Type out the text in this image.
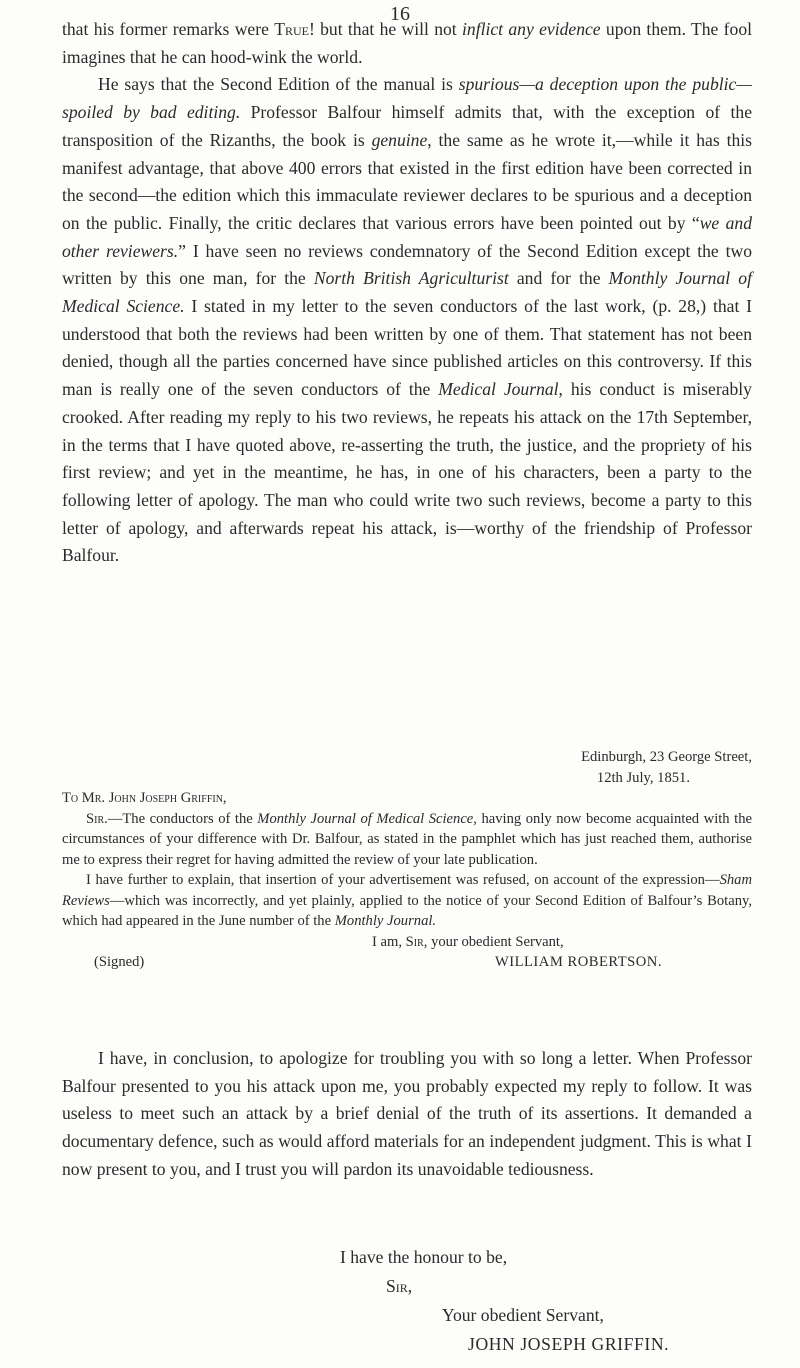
16

that his former remarks were True! but that he will not inflict any evidence upon them. The fool imagines that he can hood-wink the world.

He says that the Second Edition of the manual is spurious—a deception upon the public—spoiled by bad editing. Professor Balfour himself admits that, with the exception of the transposition of the Rizanths, the book is genuine, the same as he wrote it,—while it has this manifest advantage, that above 400 errors that existed in the first edition have been corrected in the second—the edition which this immaculate reviewer declares to be spurious and a deception on the public. Finally, the critic declares that various errors have been pointed out by “we and other reviewers.” I have seen no reviews condemnatory of the Second Edition except the two written by this one man, for the North British Agriculturist and for the Monthly Journal of Medical Science. I stated in my letter to the seven conductors of the last work, (p. 28,) that I understood that both the reviews had been written by one of them. That statement has not been denied, though all the parties concerned have since published articles on this controversy. If this man is really one of the seven conductors of the Medical Journal, his conduct is miserably crooked. After reading my reply to his two reviews, he repeats his attack on the 17th September, in the terms that I have quoted above, re-asserting the truth, the justice, and the propriety of his first review; and yet in the meantime, he has, in one of his characters, been a party to the following letter of apology. The man who could write two such reviews, become a party to this letter of apology, and afterwards repeat his attack, is—worthy of the friendship of Professor Balfour.

Edinburgh, 23 George Street,
12th July, 1851.
To Mr. John Joseph Griffin,

Sir.—The conductors of the Monthly Journal of Medical Science, having only now become acquainted with the circumstances of your difference with Dr. Balfour, as stated in the pamphlet which has just reached them, authorise me to express their regret for having admitted the review of your late publication.

I have further to explain, that insertion of your advertisement was refused, on account of the expression—Sham Reviews—which was incorrectly, and yet plainly, applied to the notice of your Second Edition of Balfour’s Botany, which had appeared in the June number of the Monthly Journal.

I am, Sir, your obedient Servant,
(Signed)	WILLIAM ROBERTSON.

I have, in conclusion, to apologize for troubling you with so long a letter. When Professor Balfour presented to you his attack upon me, you probably expected my reply to follow. It was useless to meet such an attack by a brief denial of the truth of its assertions. It demanded a documentary defence, such as would afford materials for an independent judgment. This is what I now present to you, and I trust you will pardon its unavoidable tediousness.

I have the honour to be,
Sir,
Your obedient Servant,
JOHN JOSEPH GRIFFIN.
